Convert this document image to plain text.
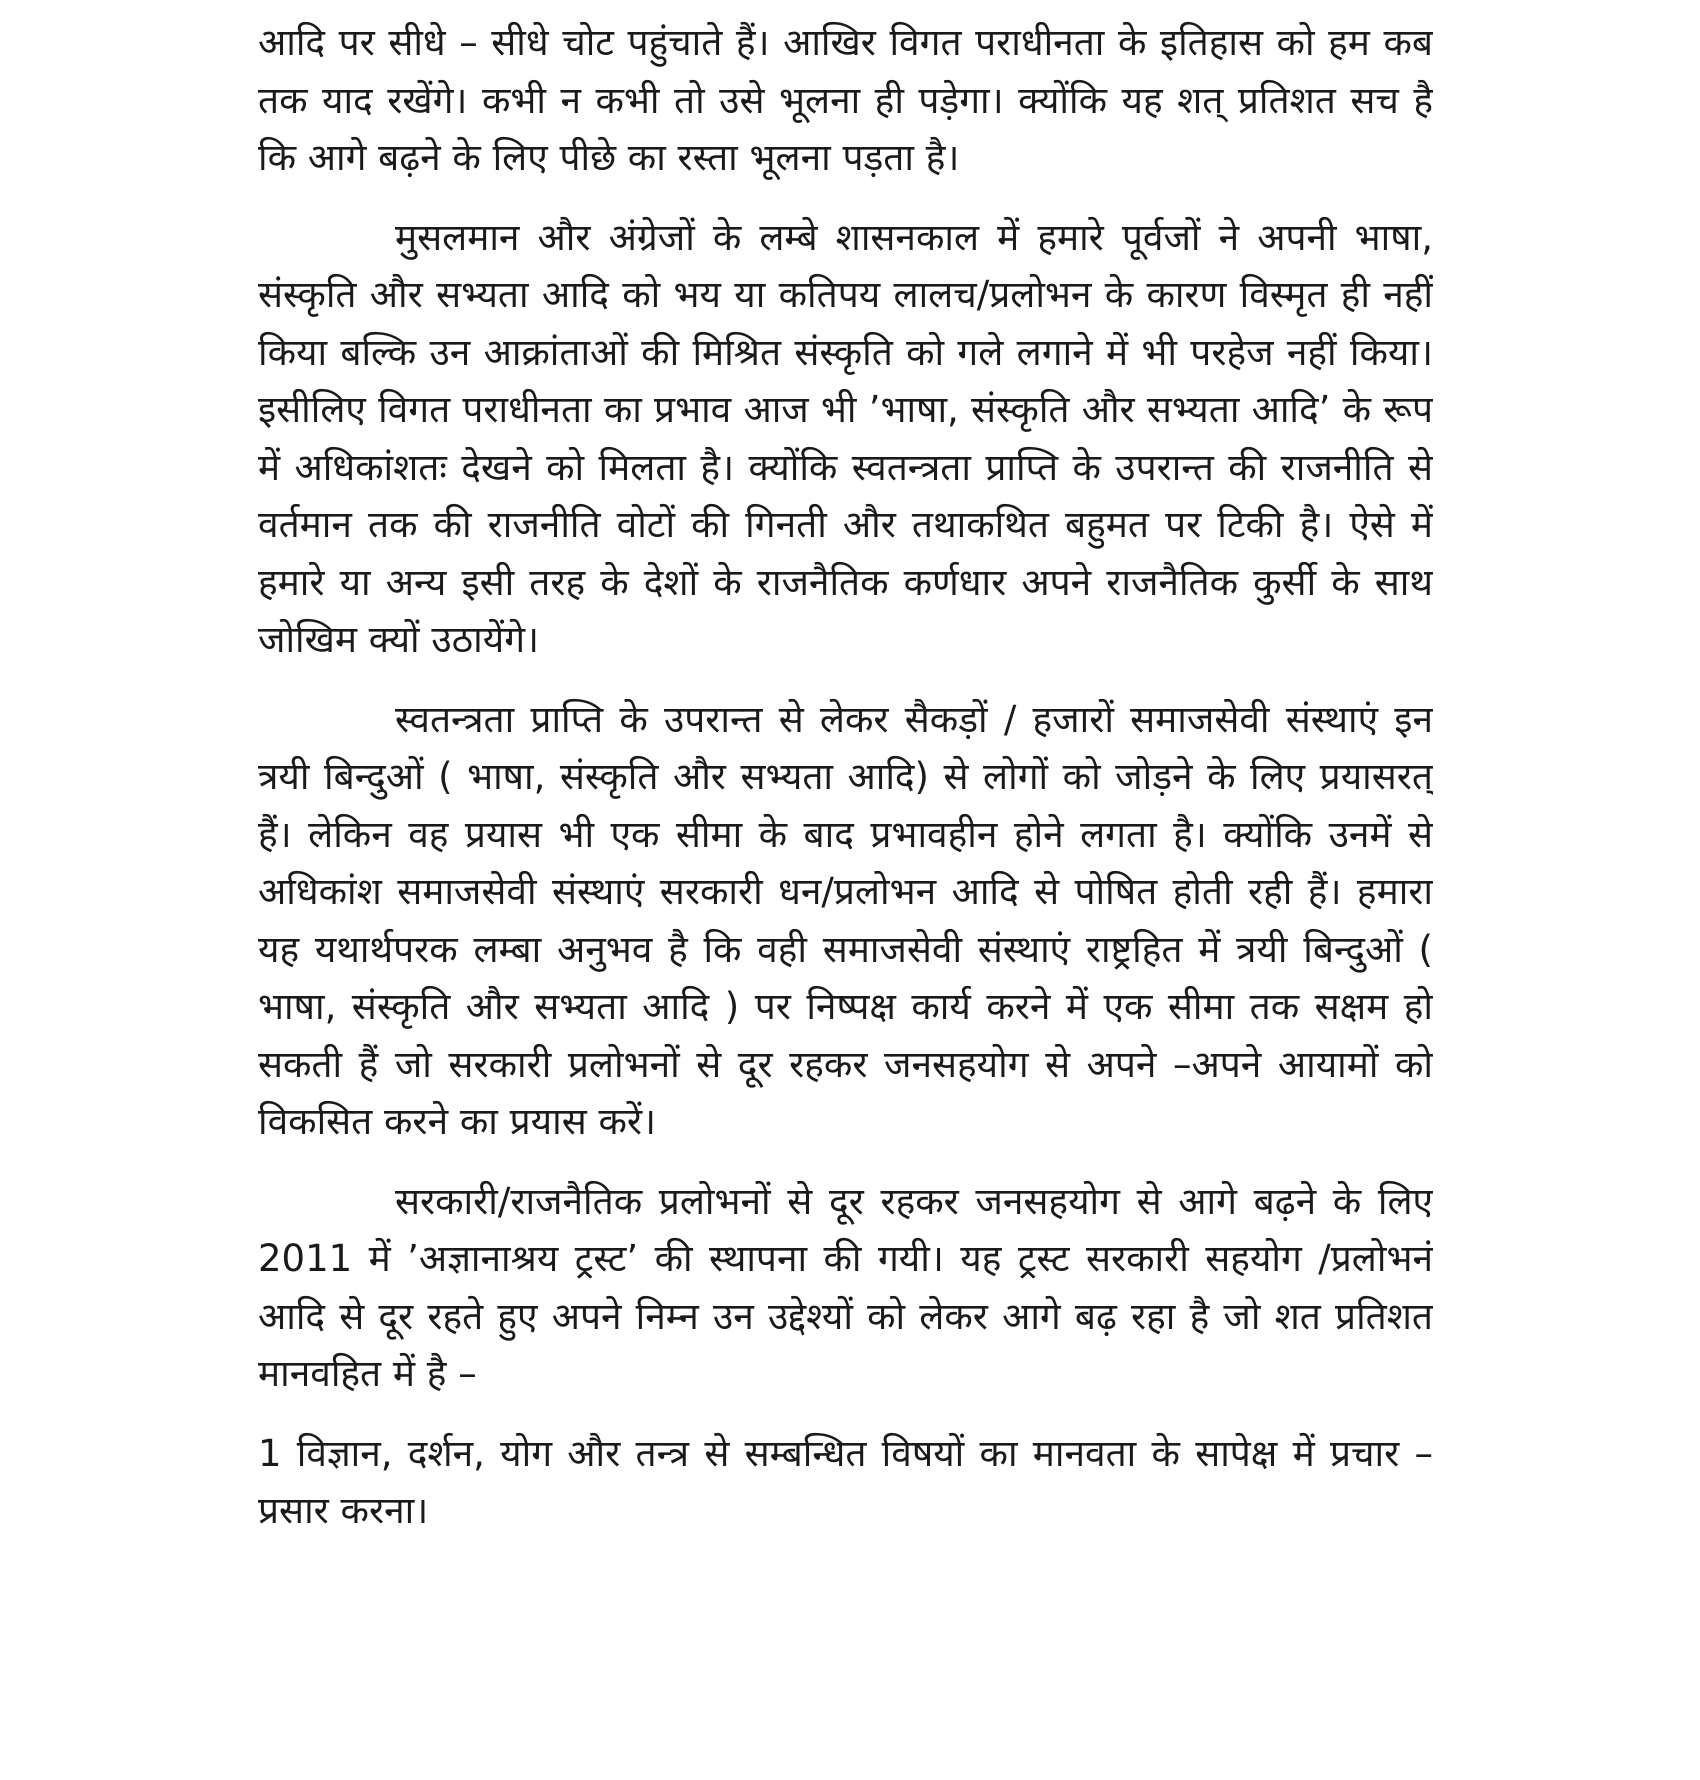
आदि पर सीधे – सीधे चोट पहुंचाते हैं। आखिर विगत पराधीनता के इतिहास को हम कब तक याद रखेंगे। कभी न कभी तो उसे भूलना ही पड़ेगा। क्योंकि यह शत् प्रतिशत सच है कि आगे बढ़ने के लिए पीछे का रस्ता भूलना पड़ता है।

मुसलमान और अंग्रेजों के लम्बे शासनकाल में हमारे पूर्वजों ने अपनी भाषा, संस्कृति और सभ्यता आदि को भय या कतिपय लालच/प्रलोभन के कारण विस्मृत ही नहीं किया बल्कि उन आक्रांताओं की मिश्रित संस्कृति को गले लगाने में भी परहेज नहीं किया। इसीलिए विगत पराधीनता का प्रभाव आज भी ’भाषा, संस्कृति और सभ्यता आदि’ के रूप में अधिकांशतः देखने को मिलता है। क्योंकि स्वतन्त्रता प्राप्ति के उपरान्त की राजनीति से वर्तमान तक की राजनीति वोटों की गिनती और तथाकथित बहुमत पर टिकी है। ऐसे में हमारे या अन्य इसी तरह के देशों के राजनैतिक कर्णधार अपने राजनैतिक कुर्सी के साथ जोखिम क्यों उठायेंगे।

स्वतन्त्रता प्राप्ति के उपरान्त से लेकर सैकड़ों / हजारों समाजसेवी संस्थाएं इन त्रयी बिन्दुओं ( भाषा, संस्कृति और सभ्यता आदि) से लोगों को जोड़ने के लिए प्रयासरत् हैं। लेकिन वह प्रयास भी एक सीमा के बाद प्रभावहीन होने लगता है। क्योंकि उनमें से अधिकांश समाजसेवी संस्थाएं सरकारी धन/प्रलोभन आदि से पोषित होती रही हैं। हमारा यह यथार्थपरक लम्बा अनुभव है कि वही समाजसेवी संस्थाएं राष्ट्रहित में त्रयी बिन्दुओं ( भाषा, संस्कृति और सभ्यता आदि ) पर निष्पक्ष कार्य करने में एक सीमा तक सक्षम हो सकती हैं जो सरकारी प्रलोभनों से दूर रहकर जनसहयोग से अपने –अपने आयामों को विकसित करने का प्रयास करें।

सरकारी/राजनैतिक प्रलोभनों से दूर रहकर जनसहयोग से आगे बढ़ने के लिए 2011 में ’अज्ञानाश्रय ट्रस्ट’ की स्थापना की गयी। यह ट्रस्ट सरकारी सहयोग /प्रलोभनं आदि से दूर रहते हुए अपने निम्न उन उद्देश्यों को लेकर आगे बढ़ रहा है जो शत प्रतिशत मानवहित में है –

1 विज्ञान, दर्शन, योग और तन्त्र से सम्बन्धित विषयों का मानवता के सापेक्ष में प्रचार – प्रसार करना।
